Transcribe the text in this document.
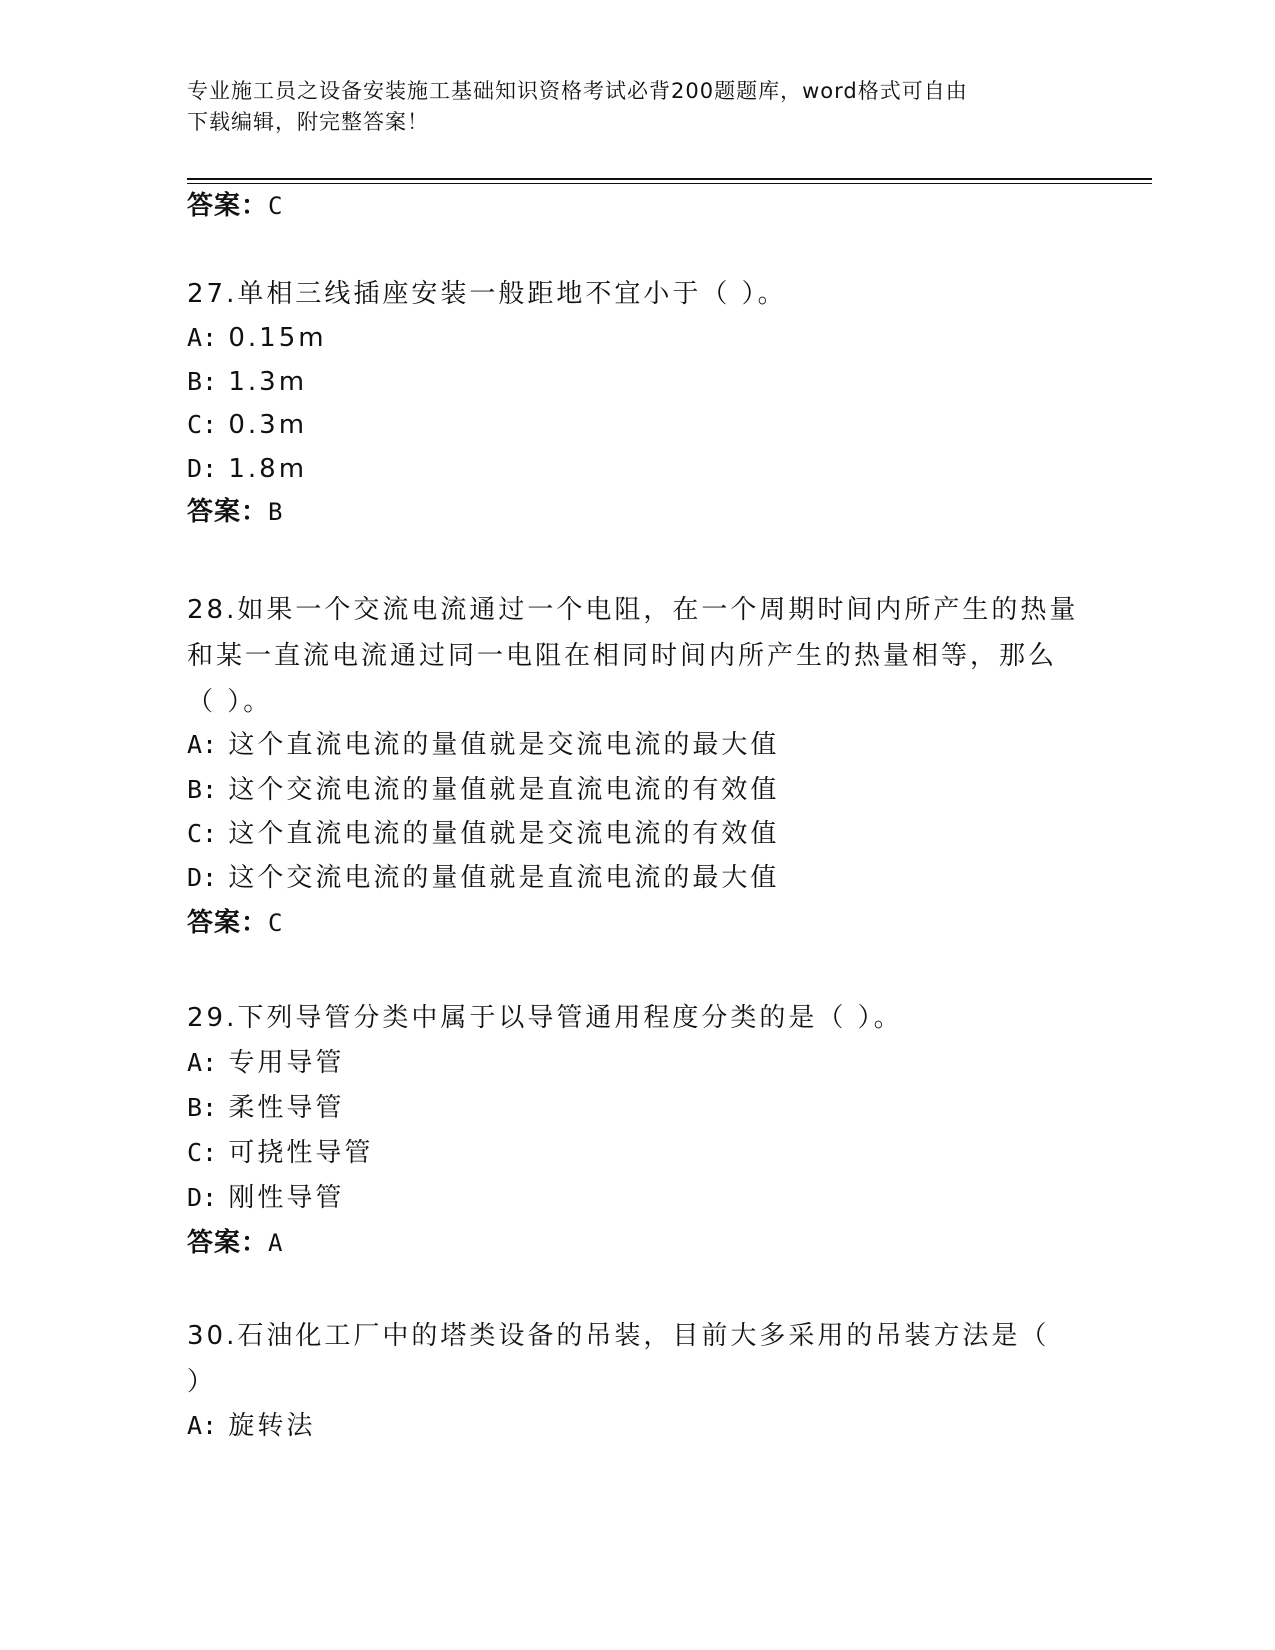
专业施工员之设备安装施工基础知识资格考试必背200题题库，word格式可自由
下载编辑，附完整答案！
答案：C
27.单相三线插座安装一般距地不宜小于（ ）。
A: 0.15m
B: 1.3m
C: 0.3m
D: 1.8m
答案：B
28.如果一个交流电流通过一个电阻，在一个周期时间内所产生的热量
和某一直流电流通过同一电阻在相同时间内所产生的热量相等，那么
（ ）。
A: 这个直流电流的量值就是交流电流的最大值
B: 这个交流电流的量值就是直流电流的有效值
C: 这个直流电流的量值就是交流电流的有效值
D: 这个交流电流的量值就是直流电流的最大值
答案：C
29.下列导管分类中属于以导管通用程度分类的是（ ）。
A: 专用导管
B: 柔性导管
C: 可挠性导管
D: 刚性导管
答案：A
30.石油化工厂中的塔类设备的吊装，目前大多采用的吊装方法是（
）
A: 旋转法
